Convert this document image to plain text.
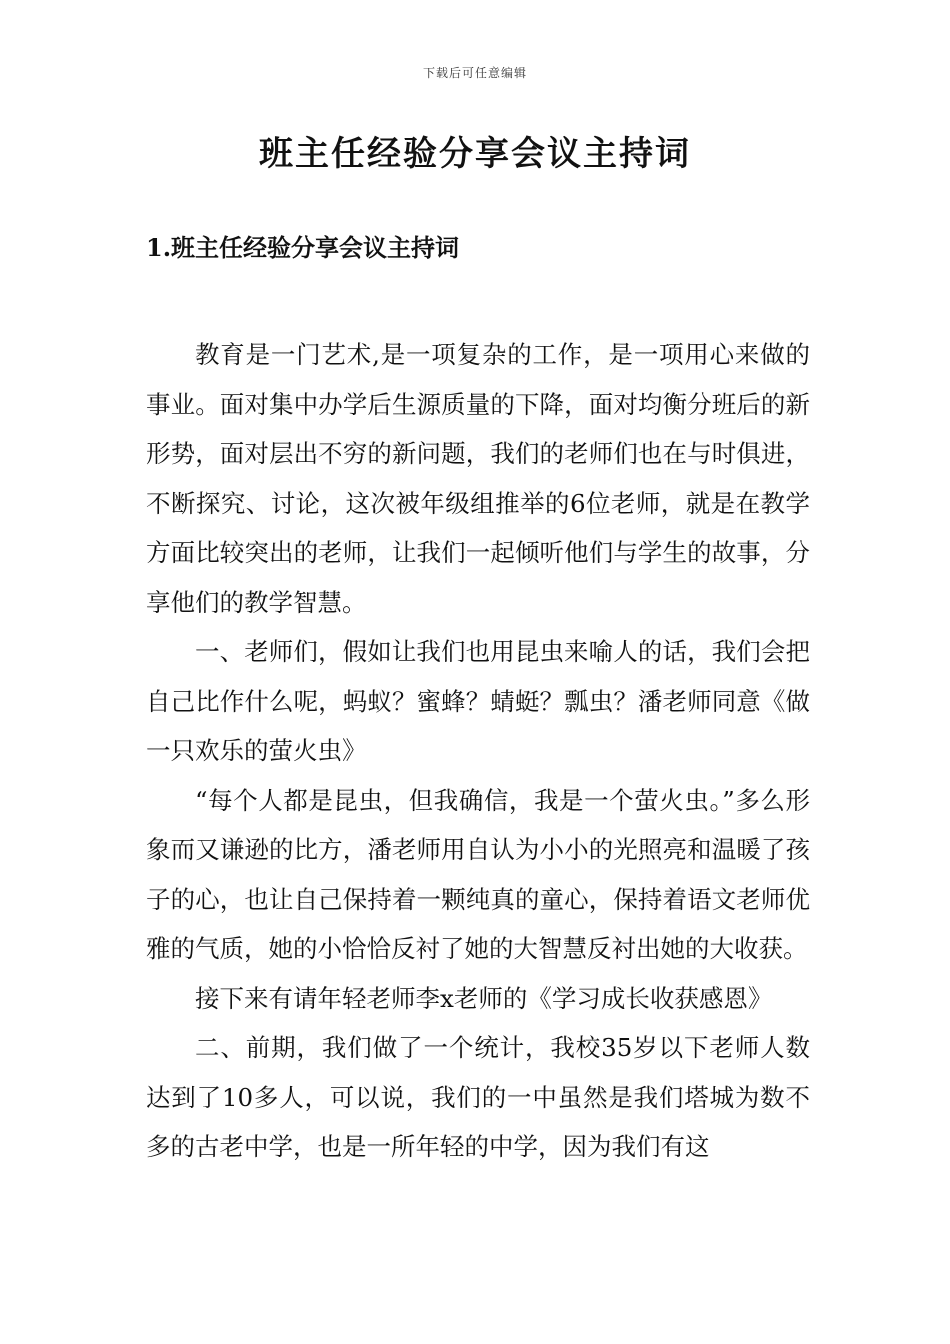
下载后可任意编辑
班主任经验分享会议主持词
1.班主任经验分享会议主持词

教育是一门艺术,是一项复杂的工作，是一项用心来做的事业。面对集中办学后生源质量的下降，面对均衡分班后的新形势，面对层出不穷的新问题，我们的老师们也在与时俱进，不断探究、讨论，这次被年级组推举的6位老师，就是在教学方面比较突出的老师，让我们一起倾听他们与学生的故事，分享他们的教学智慧。

一、老师们，假如让我们也用昆虫来喻人的话，我们会把自己比作什么呢，蚂蚁？蜜蜂？蜻蜓？瓢虫？潘老师同意《做一只欢乐的萤火虫》

“每个人都是昆虫，但我确信，我是一个萤火虫。”多么形象而又谦逊的比方，潘老师用自认为小小的光照亮和温暖了孩子的心，也让自己保持着一颗纯真的童心，保持着语文老师优雅的气质，她的小恰恰反衬了她的大智慧反衬出她的大收获。

接下来有请年轻老师李x老师的《学习成长收获感恩》

二、前期，我们做了一个统计，我校35岁以下老师人数达到了10多人，可以说，我们的一中虽然是我们塔城为数不多的古老中学，也是一所年轻的中学，因为我们有这
